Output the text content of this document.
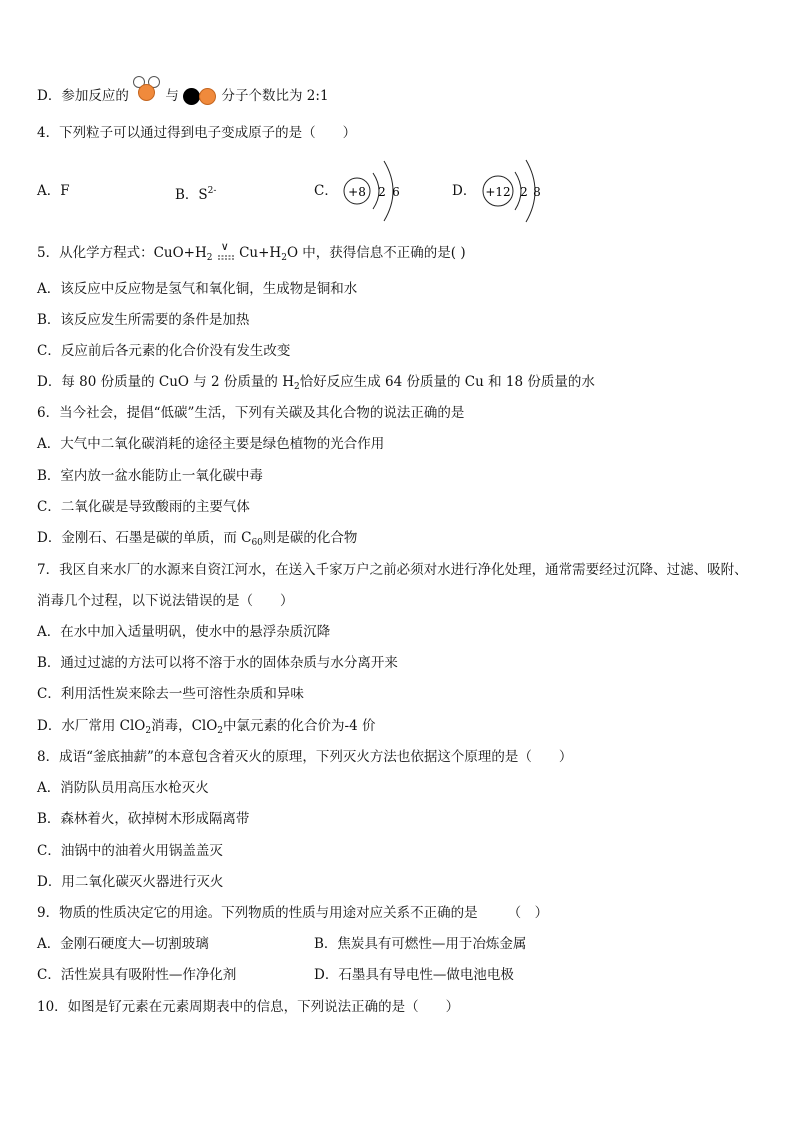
D．参加反应的	与	分子个数比为 2:1
4．下列粒子可以通过得到电子变成原子的是（　　）
A．F	B．$S^{2-}$	C． +8 2 6	D． +12 2 8
5．从化学方程式：$CuO+H_2$
∨ $Cu+H_2O$ 中，获得信息不正确的是( )
A．该反应中反应物是氢气和氧化铜，生成物是铜和水
B．该反应发生所需要的条件是加热
C．反应前后各元素的化合价没有发生改变
D．每 80 份质量的 CuO 与 2 份质量的 $H_2$恰好反应生成 64 份质量的 Cu 和 18 份质量的水
6．当今社会，提倡“低碳”生活，下列有关碳及其化合物的说法正确的是
A．大气中二氧化碳消耗的途径主要是绿色植物的光合作用
B．室内放一盆水能防止一氧化碳中毒
C．二氧化碳是导致酸雨的主要气体
D．金刚石、石墨是碳的单质，而 $C_{60}$则是碳的化合物
7．我区自来水厂的水源来自资江河水，在送入千家万户之前必须对水进行净化处理，通常需要经过沉降、过滤、吸附、
消毒几个过程，以下说法错误的是（　　）
A．在水中加入适量明矾，使水中的悬浮杂质沉降
B．通过过滤的方法可以将不溶于水的固体杂质与水分离开来
C．利用活性炭来除去一些可溶性杂质和异味
D．水厂常用 ClO$_2$消毒，ClO$_2$中氯元素的化合价为-4 价
8．成语“釜底抽薪”的本意包含着灭火的原理，下列灭火方法也依据这个原理的是（　　）
A．消防队员用高压水枪灭火
B．森林着火，砍掉树木形成隔离带
C．油锅中的油着火用锅盖盖灭
D．用二氧化碳灭火器进行灭火
9．物质的性质决定它的用途。下列物质的性质与用途对应关系不正确的是 （　）
A．金刚石硬度大—切割玻璃	B．焦炭具有可燃性—用于冶炼金属
C．活性炭具有吸附性—作净化剂	D．石墨具有导电性—做电池电极
10．如图是钌元素在元素周期表中的信息，下列说法正确的是（　　）
